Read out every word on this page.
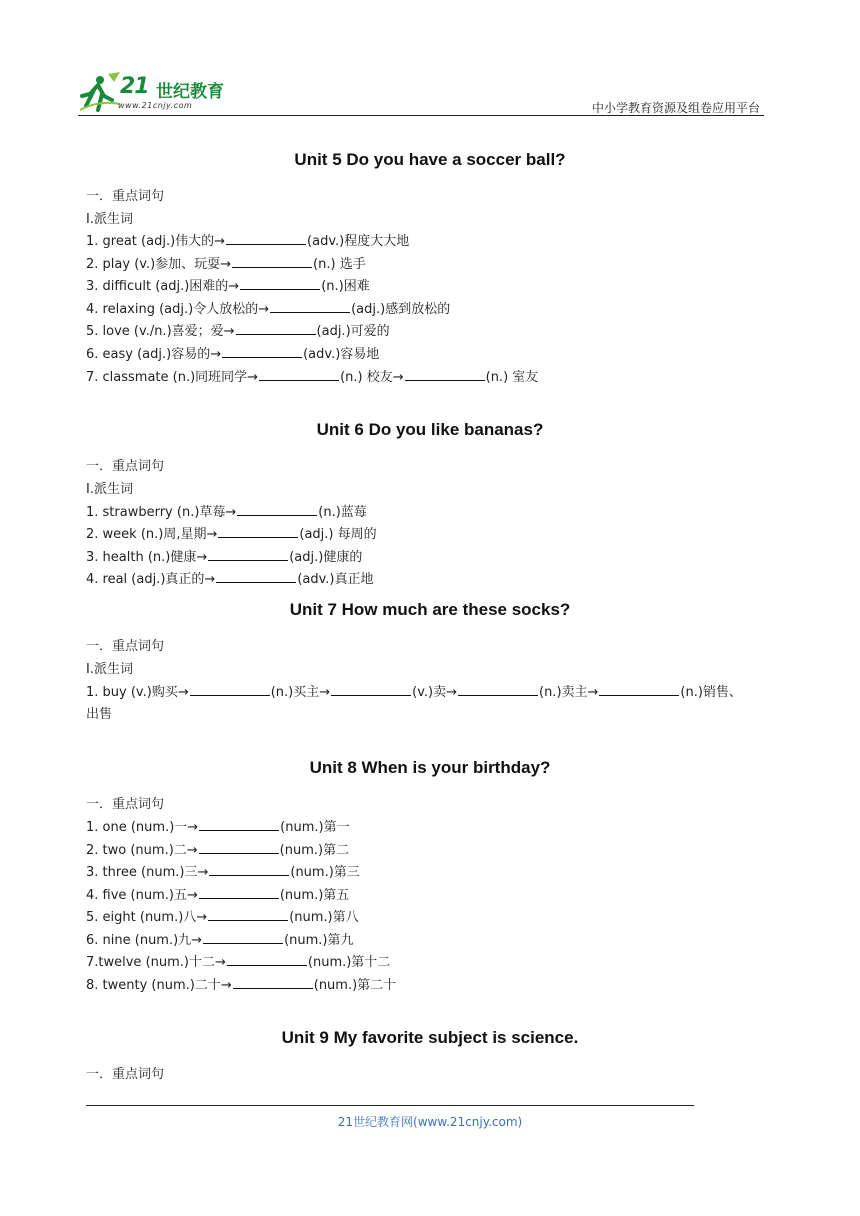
21 世纪教育
www.21cnjy.com	中小学教育资源及组卷应用平台
Unit 5 Do you have a soccer ball?
一．重点词句
I.派生词
1. great (adj.)伟大的→	(adv.)程度大大地
2. play (v.)参加、玩耍→	(n.) 选手
3. difficult (adj.)困难的→	(n.)困难
4. relaxing (adj.)令人放松的→	(adj.)感到放松的
5. love (v./n.)喜爱；爱→	(adj.)可爱的
6. easy (adj.)容易的→	(adv.)容易地
7. classmate (n.)同班同学→	(n.) 校友→	(n.) 室友
Unit 6 Do you like bananas?
一．重点词句
I.派生词
1. strawberry (n.)草莓→	(n.)蓝莓
2. week (n.)周,星期→	(adj.) 每周的
3. health (n.)健康→	(adj.)健康的
4. real (adj.)真正的→	(adv.)真正地
Unit 7 How much are these socks?
一．重点词句
I.派生词
1. buy (v.)购买→	(n.)买主→	(v.)卖→	(n.)卖主→	(n.)销售、
出售
Unit 8 When is your birthday?
一．重点词句
1. one (num.)一→	(num.)第一
2. two (num.)二→	(num.)第二
3. three (num.)三→	(num.)第三
4. five (num.)五→	(num.)第五
5. eight (num.)八→	(num.)第八
6. nine (num.)九→	(num.)第九
7.twelve (num.)十二→	(num.)第十二
8. twenty (num.)二十→	(num.)第二十
Unit 9 My favorite subject is science.
一．重点词句
21世纪教育网(www.21cnjy.com)
